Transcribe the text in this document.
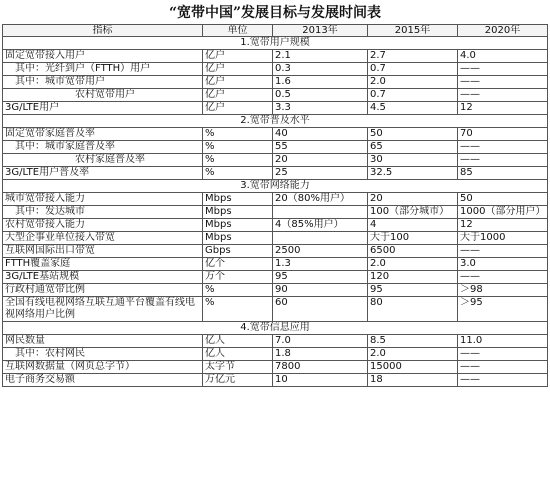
“宽带中国”发展目标与发展时间表
指标	单位	2013年	2015年	2020年
1.宽带用户规模				
固定宽带接入用户	亿户	2.1	2.7	4.0
其中：光纤到户（FTTH）用户	亿户	0.3	0.7	——
其中：城市宽带用户	亿户	1.6	2.0	——
农村宽带用户	亿户	0.5	0.7	——
3G/LTE用户	亿户	3.3	4.5	12
2.宽带普及水平				
固定宽带家庭普及率	%	40	50	70
其中：城市家庭普及率	%	55	65	——
农村家庭普及率	%	20	30	——
3G/LTE用户普及率	%	25	32.5	85
3.宽带网络能力				
城市宽带接入能力	Mbps	20（80%用户）	20	50
其中：发达城市	Mbps		100（部分城市）	1000（部分用户）
农村宽带接入能力	Mbps	4（85%用户）	4	12
大型企事业单位接入带宽	Mbps		大于100	大于1000
互联网国际出口带宽	Gbps	2500	6500	——
FTTH覆盖家庭	亿个	1.3	2.0	3.0
3G/LTE基站规模	万个	95	120	——
行政村通宽带比例	%	90	95	＞98
全国有线电视网络互联互通平台覆盖有线电视网络用户比例	%	60	80	＞95
4.宽带信息应用				
网民数量	亿人	7.0	8.5	11.0
其中：农村网民	亿人	1.8	2.0	——
互联网数据量（网页总字节）	太字节	7800	15000	——
电子商务交易额	万亿元	10	18	——
